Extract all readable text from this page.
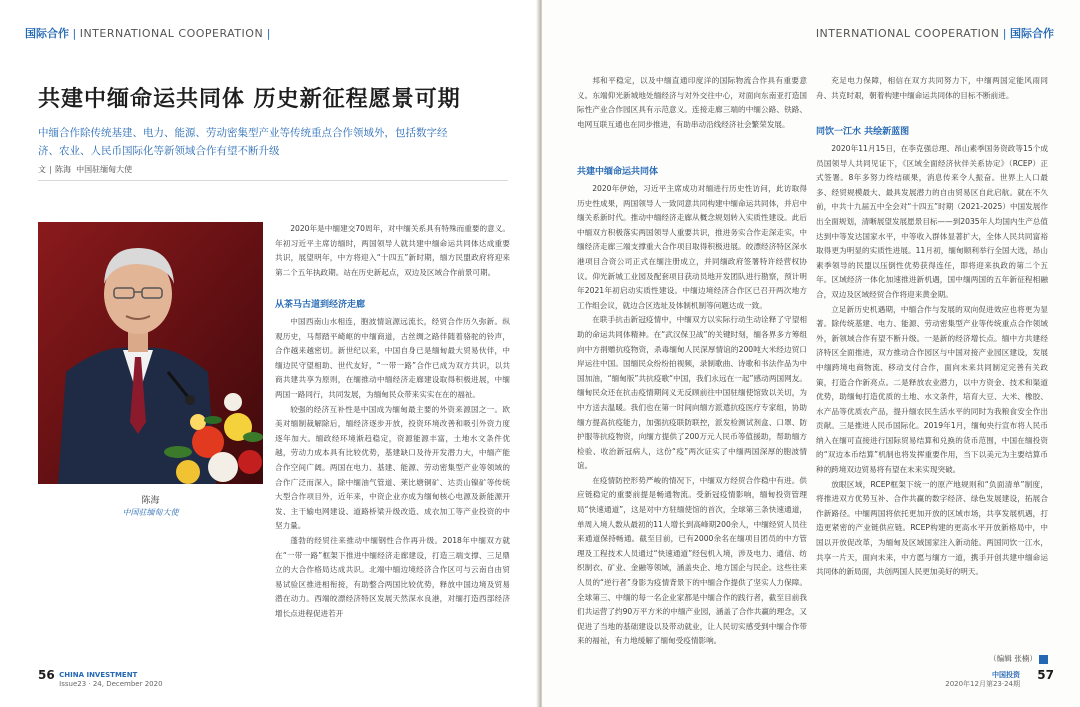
国际合作 | INTERNATIONAL COOPERATION |
共建中缅命运共同体 历史新征程愿景可期
中缅合作除传统基建、电力、能源、劳动密集型产业等传统重点合作领域外，包括数字经济、农业、人民币国际化等新领域合作有望不断升级
文 陈海 中国驻缅甸大使
陈海
中国驻缅甸大使

2020年是中缅建交70周年，对中缅关系具有特殊而重要的意义。年初习近平主席访缅时，两国领导人就共建中缅命运共同体达成重要共识，展望明年，中方将迎入“十四五”新时期，缅方民盟政府将迎来第二个五年执政期。站在历史新起点，双边及区域合作前景可期。

从茶马古道到经济走廊

中国西南山水相连，胞波情谊源远流长，经贸合作历久弥新。纵观历史，马帮踏平崎岖的中缅商道，古丝绸之路伴随着骆驼的铃声，合作越来越密切。新世纪以来，中国自身已是缅甸最大贸易伙伴，中缅边民守望相助、世代友好，“一带一路”合作已成为双方共识，以共商共建共享为原则，在缅推动中缅经济走廊建设取得积极进展，中缅两国一路同行，共同发展，为缅甸民众带来实实在在的福祉。

较强的经济互补性是中国成为缅甸最主要的外资来源国之一。欧美对缅制裁解除后，缅经济逐步开放，投资环境改善和吸引外资力度逐年加大。缅政经环境渐趋稳定，资源能源丰富，土地水文条件优越，劳动力成本具有比较优势，基建缺口及待开发潜力大，中缅产能合作空间广阔。两国在电力、基建、能源、劳动密集型产业等领域的合作广泛而深入，除中缅油气管道、莱比塘铜矿、达贡山镍矿等传统大型合作项目外，近年来，中资企业亦成为缅甸核心电源及新能源开发、主干输电网建设、道路桥梁升级改造、成衣加工等产业投资的中坚力量。

蓬勃的经贸往来推动中缅钢性合作再升级。2018年中缅双方就在“一带一路”框架下推进中缅经济走廊建设，打造三端支撑、三足鼎立的大合作格局达成共识。北端中缅边境经济合作区可与云南自由贸易试验区推进相衔接，有助整合两国比较优势，释放中国边境及贸易潜在动力。西端皎漂经济特区发展天然深水良港，对缅打造西部经济增长点进程促进若开

56 CHINA INVESTMENT
Issue23 · 24, December 2020
INTERNATIONAL COOPERATION | 国际合作

邦和平稳定，以及中缅直通印度洋的国际物流合作具有重要意义。东端仰光新城地处缅经济与对外交往中心，对面向东南亚打造国际性产业合作园区具有示范意义。连接走廊三端的中缅公路、铁路、电网互联互通也在同步推进，有助串动沿线经济社会繁荣发展。

共建中缅命运共同体

2020年伊始，习近平主席成功对缅进行历史性访问，此访取得历史性成果，两国领导人一致同意共同构建中缅命运共同体，并启中缅关系新时代。推动中缅经济走廊从概念规划转入实质性建设。此后中缅双方积极落实两国领导人重要共识，推进务实合作走深走实，中缅经济走廊三端支撑重大合作项目取得积极进展。皎漂经济特区深水港项目合资公司正式在缅注册成立，并同缅政府签署特许经营权协议。仰光新城工业园及配套项目获动员地开发团队进行勘察，预计明年2021年初启动实质性建设。中缅边境经济合作区已召开两次地方工作组会议，就边合区选址及体制机制等问题达成一致。

在联手抗击新冠疫情中，中缅双方以实际行动生动诠释了守望相助的命运共同体精神。在“武汉保卫战”的关键时刻，缅各界多方筹组向中方捐赠抗疫物资，杀毒缅甸人民深厚情谊的200吨大米经边贸口岸运往中国。国缅民众纷纷拍视频，录制歌曲、诗歌和书法作品为中国加油，“缅甸版”共抗疫歌“中国，我们永远在一起”感动两国网友。缅甸民众还在抗击疫情期间义无反顾前往中国驻缅使馆致以关切，为中方送去温暖。我们也在第一时间向缅方派遣抗疫医疗专家组，协助缅方提高抗疫能力，加强抗疫联防联控，派发检测试剂盒、口罩、防护服等抗疫物资，向缅方提供了200万元人民币等值援助，帮助缅方检验、收治新冠病人，这份“疫”两次证实了中缅两国深厚的胞波情谊。

在疫情防控形势严峻的情况下，中缅双方经贸合作稳中有进。供应链稳定的重要前提是畅通物流。受新冠疫情影响，缅甸投资管理局“快速通道”，这是对中方驻缅使馆的首次，全球第三条快速通道，单周入境人数从最初的11人增长到高峰期200余人，中缅经贸人员往来通道保持畅通。截至目前，已有2000余名在缅项目团员的中方管理及工程技术人员通过“快速通道”经包机入境，涉及电力、通信、纺织制衣、矿业、金融等领域，涵盖央企、地方国企与民企。这些往来人员的“逆行者”身影为疫情背景下的中缅合作提供了坚实人力保障。全球第三、中缅的每一名企业家都是中缅合作的践行者，截至目前我们共运营了约90万平方米的中缅产业园，涵盖了合作共赢的理念，又促进了当地的基础建设以及带动就业，让人民切实感受到中缅合作带来的福祉，有力地缓解了缅甸受疫情影响。

充足电力保障，相信在双方共同努力下，中缅两国定能风雨同舟、共克时艰，朝着构建中缅命运共同体的目标不断前进。

同饮一江水 共绘新蓝图

2020年11月15日，在李克强总理、昂山素季国务资政等15个成员国领导人共同见证下，《区域全面经济伙伴关系协定》（RCEP）正式签署。8年多努力终结硕果，消息传来令人振奋。世界上人口最多、经贸规模最大、最具发展潜力的自由贸易区自此启航。就在不久前，中共十九届五中全会对“十四五”时期（2021-2025）中国发展作出全面规划，清晰展望发展愿景目标——到2035年人均国内生产总值达到中等发达国家水平，中等收入群体显著扩大，全体人民共同富裕取得更为明显的实质性进展。11月初，缅甸顺利举行全国大选，昂山素季领导的民盟以压倒性优势获得连任，即将迎来执政的第二个五年。区域经济一体化加速推进新机遇，国中缅两国的五年新征程相融合，双边及区域经贸合作将迎来黄金期。

立足新历史机遇期，中缅合作与发展的双向促进效应也将更为显著。除传统基建、电力、能源、劳动密集型产业等传统重点合作领域外，新领域合作有望不断升级。一是新的经济增长点。缅中方共建经济特区全面推进，双方推动合作园区与中国对接产业园区建设，发展中缅跨境电商物流、移动支付合作，面向未来共同制定完善有关政策，打造合作新亮点。二是释放农业潜力，以中方资金、技术和渠道优势，助缅甸打造优质的土地、水文条件，培育大豆、大米、橡胶、水产品等优质农产品，提升缅农民生活水平的同时为我粮食安全作出贡献。三是推进人民币国际化。2019年1月，缅甸央行宣布将人民币纳入在缅可直接进行国际贸易结算和兑换的货币范围，中国在缅投资的“双边本币结算”机制也将发挥重要作用，当下以美元为主要结算币种的跨境双边贸易将有望在未来实现突破。

放眼区域，RCEP框架下统一的原产地规则和“负面清单”制度，将推进双方优势互补、合作共赢的数字经济、绿色发展建设，拓展合作新路径。中缅两国将依托更加开放的区域市场，共享发展机遇，打造更紧密的产业链供应链。RCEP构建的更高水平开放新格局中，中国以开放促改革，为缅甸及区域国家注入新动能。两国同饮一江水，共享一片天，面向未来，中方愿与缅方一道，携手开创共建中缅命运共同体的新局面，共创两国人民更加美好的明天。

（编辑 张楠）
中国投资
2020年12月第23·24期
57
